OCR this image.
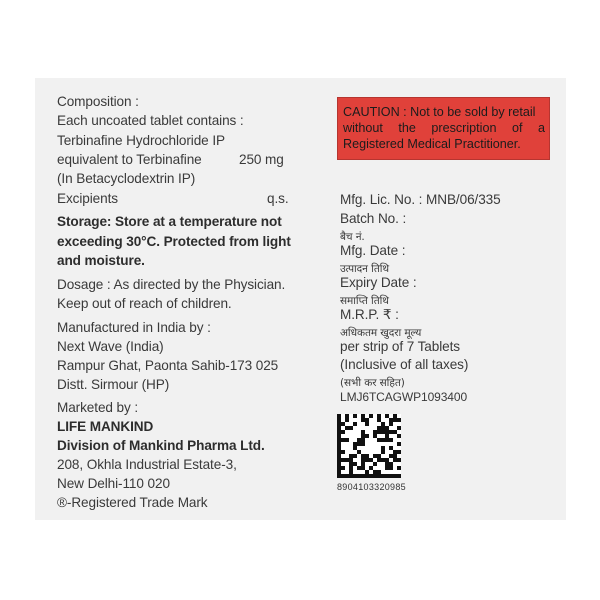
Composition :
Each uncoated tablet contains :
Terbinafine Hydrochloride IP
equivalent to Terbinafine	250 mg
(In Betacyclodextrin IP)
Excipients	q.s.
Storage: Store at a temperature not
exceeding 30°C. Protected from light
and moisture.
Dosage : As directed by the Physician.
Keep out of reach of children.
Manufactured in India by :
Next Wave (India)
Rampur Ghat, Paonta Sahib-173 025
Distt. Sirmour (HP)
Marketed by :
LIFE MANKIND
Division of Mankind Pharma Ltd.
208, Okhla Industrial Estate-3,
New Delhi-110 020
®-Registered Trade Mark
Mfg. Lic. No. : MNB/06/335
Batch No. :
बैच नं.
Mfg. Date :
उत्पादन तिथि
Expiry Date :
समाप्ति तिथि
M.R.P. ₹ :
अधिकतम खुदरा मूल्य
per strip of 7 Tablets
(Inclusive of all taxes)
(सभी कर सहित)
LMJ6TCAGWP1093400
CAUTION : Not to be sold by retail
without the prescription of a
Registered Medical Practitioner.
8904103320985
